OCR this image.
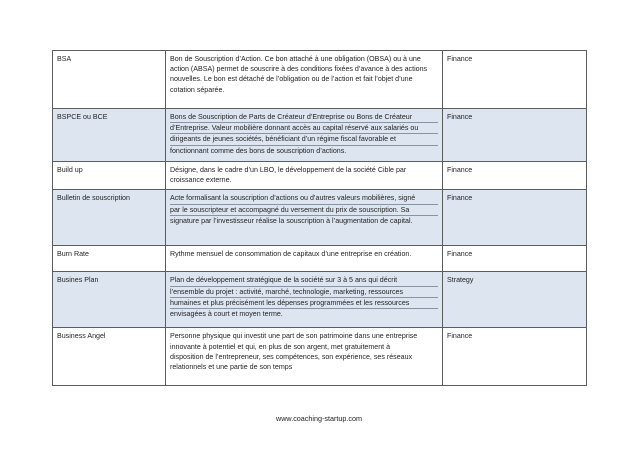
BSA	Bon de Souscription d’Action. Ce bon attaché à une obligation (OBSA) ou à une
action (ABSA) permet de souscrire à des conditions fixées d’avance à des actions
nouvelles. Le bon est détaché de l’obligation ou de l’action et fait l’objet d’une
cotation séparée.	Finance
BSPCE ou BCE	Bons de Souscription de Parts de Créateur d’Entreprise ou Bons de Créateur
d’Entreprise. Valeur mobilière donnant accès au capital réservé aux salariés ou
dirigeants de jeunes sociétés, bénéficiant d’un régime fiscal favorable et
fonctionnant comme des bons de souscription d’actions.	Finance
Build up	Désigne, dans le cadre d’un LBO, le développement de la société Cible par
croissance externe.	Finance
Bulletin de souscription	Acte formalisant la souscription d’actions ou d’autres valeurs mobilières, signé
par le souscripteur et accompagné du versement du prix de souscription. Sa
signature par l’investisseur réalise la souscription à l’augmentation de capital.	Finance
Burn Rate	Rythme mensuel de consommation de capitaux d’une entreprise en création.	Finance
Busines Plan	Plan de développement stratégique de la société sur 3 à 5 ans qui décrit
l’ensemble du projet : activité, marché, technologie, marketing, ressources
humaines et plus précisément les dépenses programmées et les ressources
envisagées à court et moyen terme.	Strategy
Business Angel	Personne physique qui investit une part de son patrimoine dans une entreprise
innovante à potentiel et qui, en plus de son argent, met gratuitement à
disposition de l’entrepreneur, ses compétences, son expérience, ses réseaux
relationnels et une partie de son temps	Finance
www.coaching-startup.com
